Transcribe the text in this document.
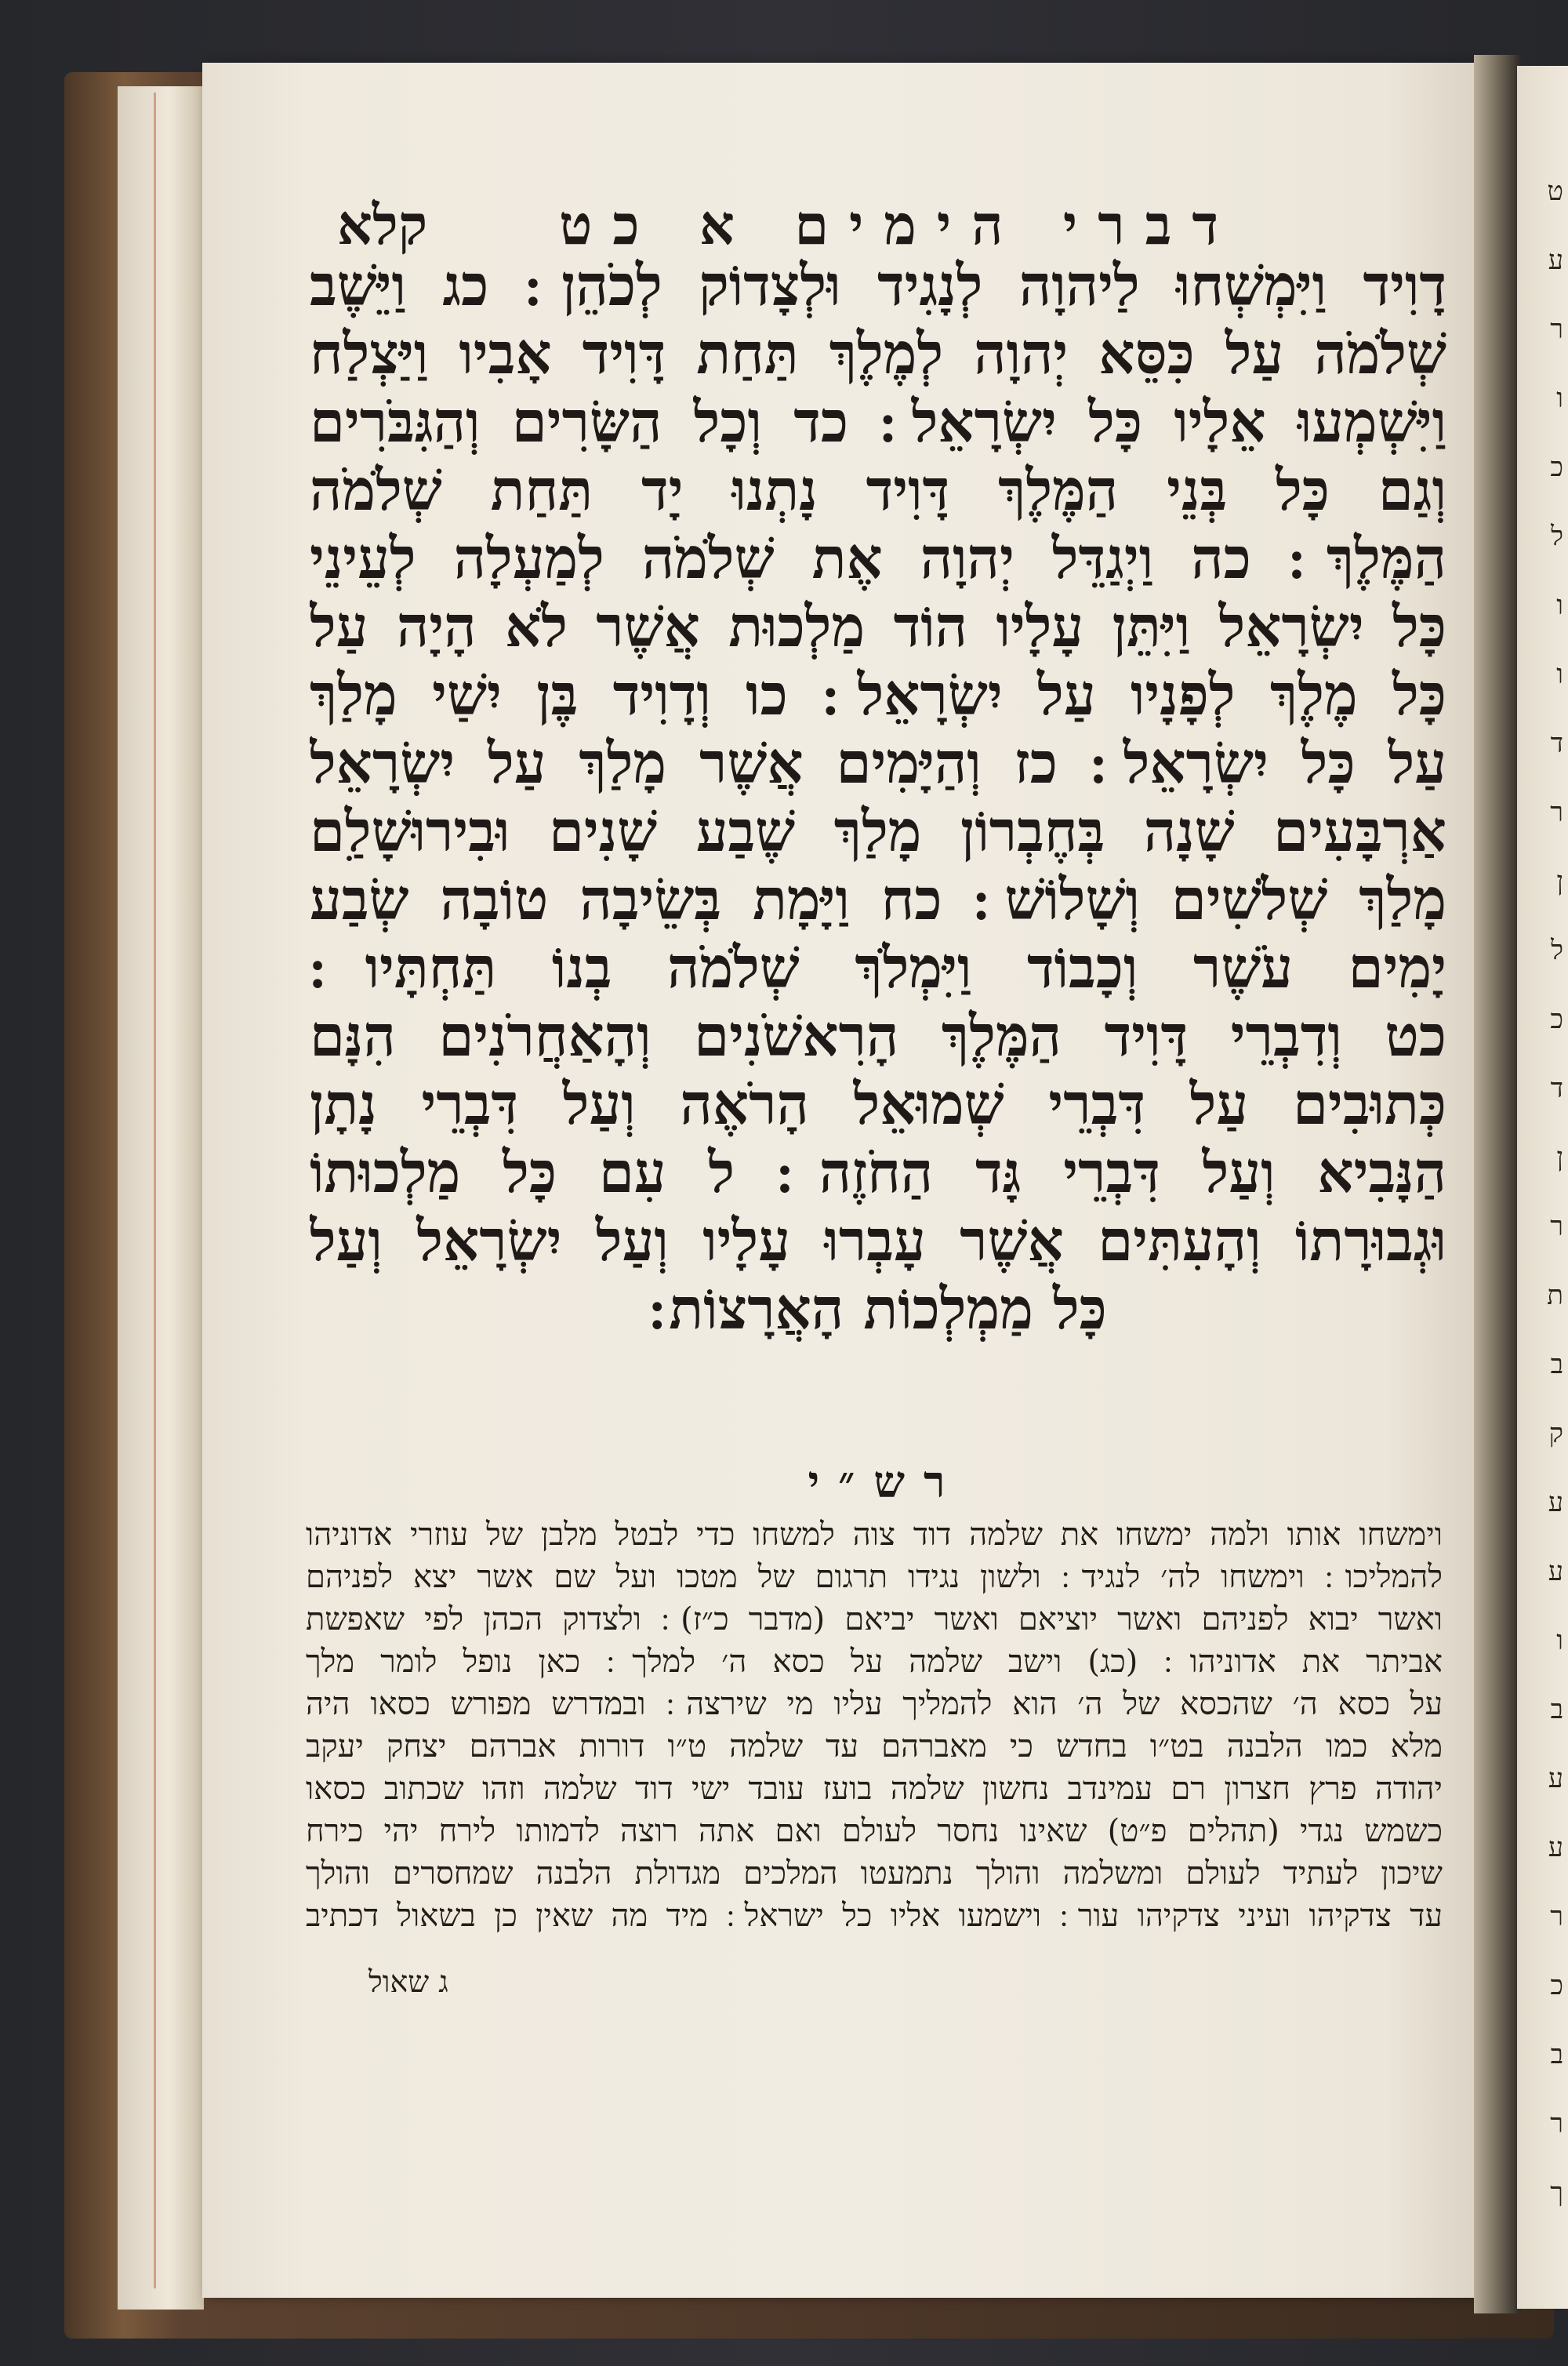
ט
ע
ר
ו
כ
ל
ו
ו
ד
ר
ן
ל
כ
ד
ן
ר
ת
ב
ק
ע
ע
ו
ב
ע
ע
ר
כ
ב
ר
ך
דברי הימים א כט
קלא
דָוִיד וַיִּמְשְׁחוּ לַיהוָה לְנָגִיד וּלְצָדוֹק לְכֹהֵן ׃ כג וַיֵּשֶׁב
שְׁלֹמֹה עַל כִּסֵּא יְהוָה לְמֶלֶךְ תַּחַת דָּוִיד אָבִיו וַיַּצְלַח
וַיִּשְׁמְעוּ אֵלָיו כָּל יִשְׂרָאֵל ׃ כד וְכָל הַשָּׂרִים וְהַגִּבֹּרִים
וְגַם כָּל בְּנֵי הַמֶּלֶךְ דָּוִיד נָתְנוּ יָד תַּחַת שְׁלֹמֹה
הַמֶּלֶךְ ׃ כה וַיְגַדֵּל יְהוָה אֶת שְׁלֹמֹה לְמַעְלָה לְעֵינֵי
כָּל יִשְׂרָאֵל וַיִּתֵּן עָלָיו הוֹד מַלְכוּת אֲשֶׁר לֹא הָיָה עַל
כָּל מֶלֶךְ לְפָנָיו עַל יִשְׂרָאֵל ׃ כו וְדָוִיד בֶּן יִשַׁי מָלַךְ
עַל כָּל יִשְׂרָאֵל ׃ כז וְהַיָּמִים אֲשֶׁר מָלַךְ עַל יִשְׂרָאֵל
אַרְבָּעִים שָׁנָה בְּחֶבְרוֹן מָלַךְ שֶׁבַע שָׁנִים וּבִירוּשָׁלִַם
מָלַךְ שְׁלֹשִׁים וְשָׁלוֹשׁ ׃ כח וַיָּמָת בְּשֵׂיבָה טוֹבָה שְׂבַע
יָמִים עֹשֶׁר וְכָבוֹד וַיִּמְלֹךְ שְׁלֹמֹה בְנוֹ תַּחְתָּיו ׃
כט וְדִבְרֵי דָּוִיד הַמֶּלֶךְ הָרִאשֹׁנִים וְהָאַחֲרֹנִים הִנָּם
כְּתוּבִים עַל דִּבְרֵי שְׁמוּאֵל הָרֹאֶה וְעַל דִּבְרֵי נָתָן
הַנָּבִיא וְעַל דִּבְרֵי גָּד הַחֹזֶה ׃ ל עִם כָּל מַלְכוּתוֹ
וּגְבוּרָתוֹ וְהָעִתִּים אֲשֶׁר עָבְרוּ עָלָיו וְעַל יִשְׂרָאֵל וְעַל
כָּל מַמְלְכוֹת הָאֲרָצוֹת ׃
רש״י
וימשחו אותו ולמה ימשחו את שלמה דוד צוה למשחו כדי לבטל מלבן של עוזרי אדוניהו
להמליכו ׃ וימשחו לה׳ לנגיד ׃ ולשון נגידו תרגום של מטכו ועל שם אשר יצא לפניהם
ואשר יבוא לפניהם ואשר יוציאם ואשר יביאם (מדבר כ״ז) ׃ ולצדוק הכהן לפי שאפשת
אביתר את אדוניהו ׃ (כג) וישב שלמה על כסא ה׳ למלך ׃ כאן נופל לומר מלך
על כסא ה׳ שהכסא של ה׳ הוא להמליך עליו מי שירצה ׃ ובמדרש מפורש כסאו היה
מלא כמו הלבנה בט״ו בחדש כי מאברהם עד שלמה ט״ו דורות אברהם יצחק יעקב
יהודה פרץ חצרון רם עמינדב נחשון שלמה בועז עובד ישי דוד שלמה וזהו שכתוב כסאו
כשמש נגדי (תהלים פ״ט) שאינו נחסר לעולם ואם אתה רוצה לדמותו לירח יהי כירח
שיכון לעתיד לעולם ומשלמה והולך נתמעטו המלכים מגדולת הלבנה שמחסרים והולך
עד צדקיהו ועיני צדקיהו עור ׃ וישמעו אליו כל ישראל ׃ מיד מה שאין כן בשאול דכתיב
ג שאול
